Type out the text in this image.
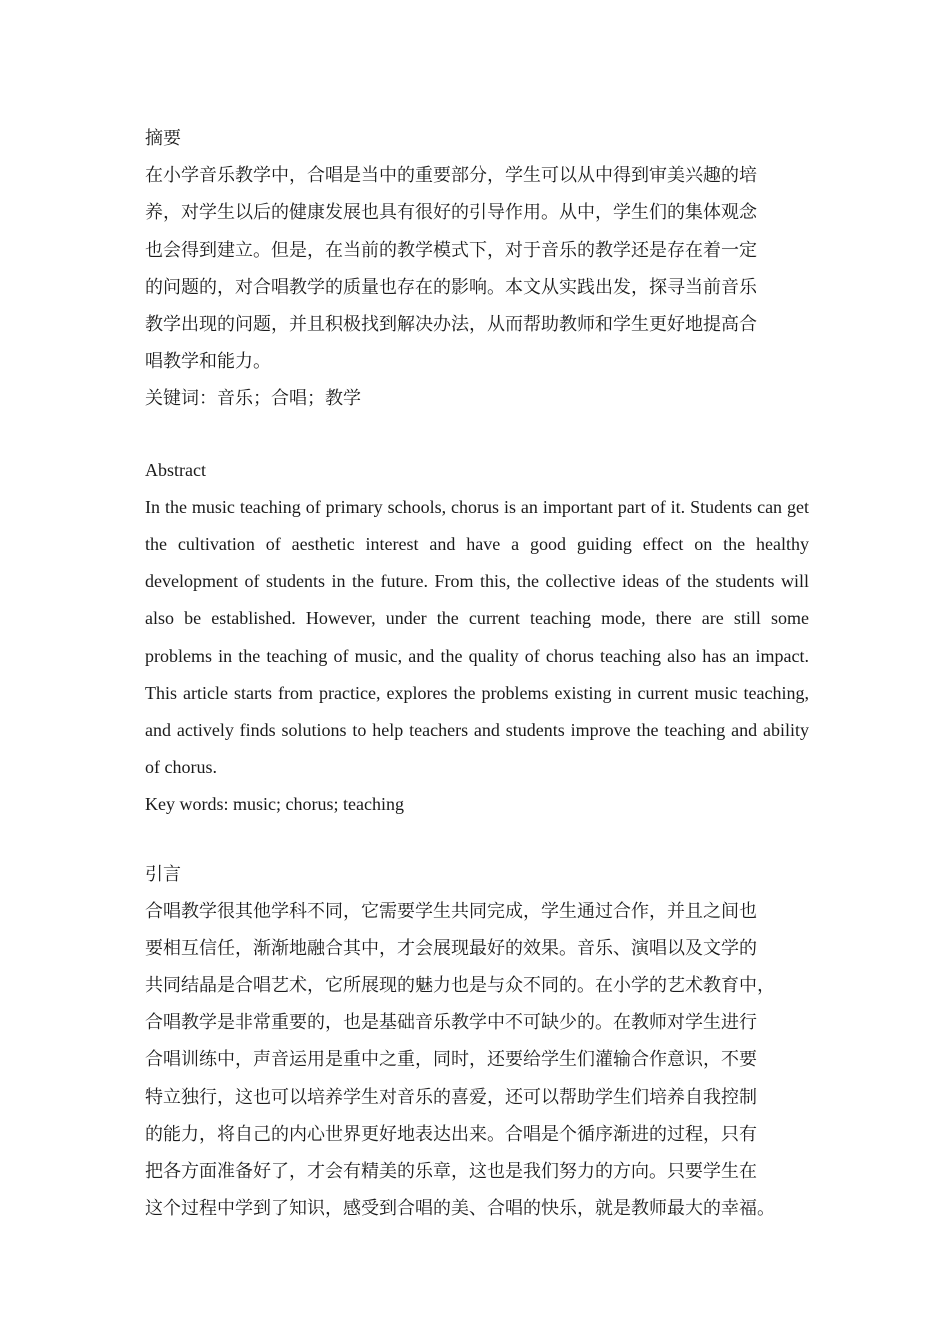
摘要
在小学音乐教学中，合唱是当中的重要部分，学生可以从中得到审美兴趣的培
养，对学生以后的健康发展也具有很好的引导作用。从中，学生们的集体观念
也会得到建立。但是，在当前的教学模式下，对于音乐的教学还是存在着一定
的问题的，对合唱教学的质量也存在的影响。本文从实践出发，探寻当前音乐
教学出现的问题，并且积极找到解决办法，从而帮助教师和学生更好地提高合
唱教学和能力。
关键词：音乐；合唱；教学
Abstract
In the music teaching of primary schools, chorus is an important part of it. Students can get the cultivation of aesthetic interest and have a good guiding effect on the healthy development of students in the future. From this, the collective ideas of the students will also be established. However, under the current teaching mode, there are still some problems in the teaching of music, and the quality of chorus teaching also has an impact. This article starts from practice, explores the problems existing in current music teaching, and actively finds solutions to help teachers and students improve the teaching and ability of chorus.
Key words: music; chorus; teaching
引言
合唱教学很其他学科不同，它需要学生共同完成，学生通过合作，并且之间也
要相互信任，渐渐地融合其中，才会展现最好的效果。音乐、演唱以及文学的
共同结晶是合唱艺术，它所展现的魅力也是与众不同的。在小学的艺术教育中，
合唱教学是非常重要的，也是基础音乐教学中不可缺少的。在教师对学生进行
合唱训练中，声音运用是重中之重，同时，还要给学生们灌输合作意识，不要
特立独行，这也可以培养学生对音乐的喜爱，还可以帮助学生们培养自我控制
的能力，将自己的内心世界更好地表达出来。合唱是个循序渐进的过程，只有
把各方面准备好了，才会有精美的乐章，这也是我们努力的方向。只要学生在
这个过程中学到了知识，感受到合唱的美、合唱的快乐，就是教师最大的幸福。
